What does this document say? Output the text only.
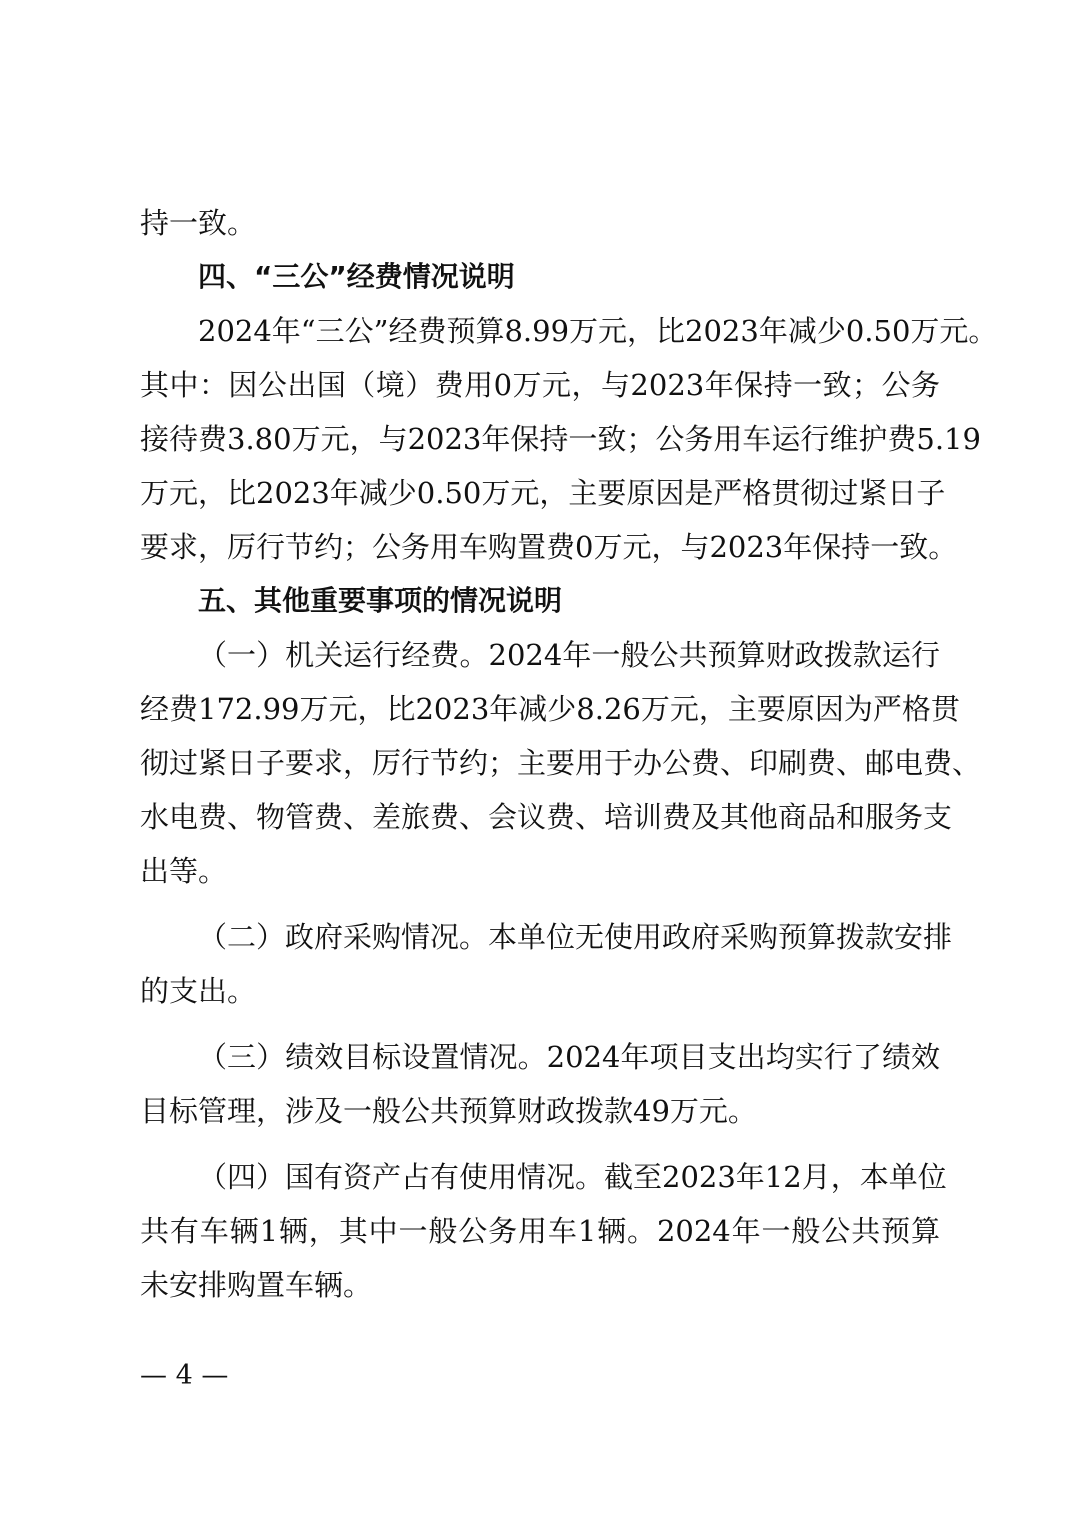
持一致。
四、“三公”经费情况说明
2024年“三公”经费预算8.99万元，比2023年减少0.50万元。
其中：因公出国（境）费用0万元，与2023年保持一致；公务
接待费3.80万元，与2023年保持一致；公务用车运行维护费5.19
万元，比2023年减少0.50万元，主要原因是严格贯彻过紧日子
要求，厉行节约；公务用车购置费0万元，与2023年保持一致。
五、其他重要事项的情况说明
（一）机关运行经费。2024年一般公共预算财政拨款运行
经费172.99万元，比2023年减少8.26万元，主要原因为严格贯
彻过紧日子要求，厉行节约；主要用于办公费、印刷费、邮电费、
水电费、物管费、差旅费、会议费、培训费及其他商品和服务支
出等。
（二）政府采购情况。本单位无使用政府采购预算拨款安排
的支出。
（三）绩效目标设置情况。2024年项目支出均实行了绩效
目标管理，涉及一般公共预算财政拨款49万元。
（四）国有资产占有使用情况。截至2023年12月，本单位
共有车辆1辆，其中一般公务用车1辆。2024年一般公共预算
未安排购置车辆。
— 4 —
